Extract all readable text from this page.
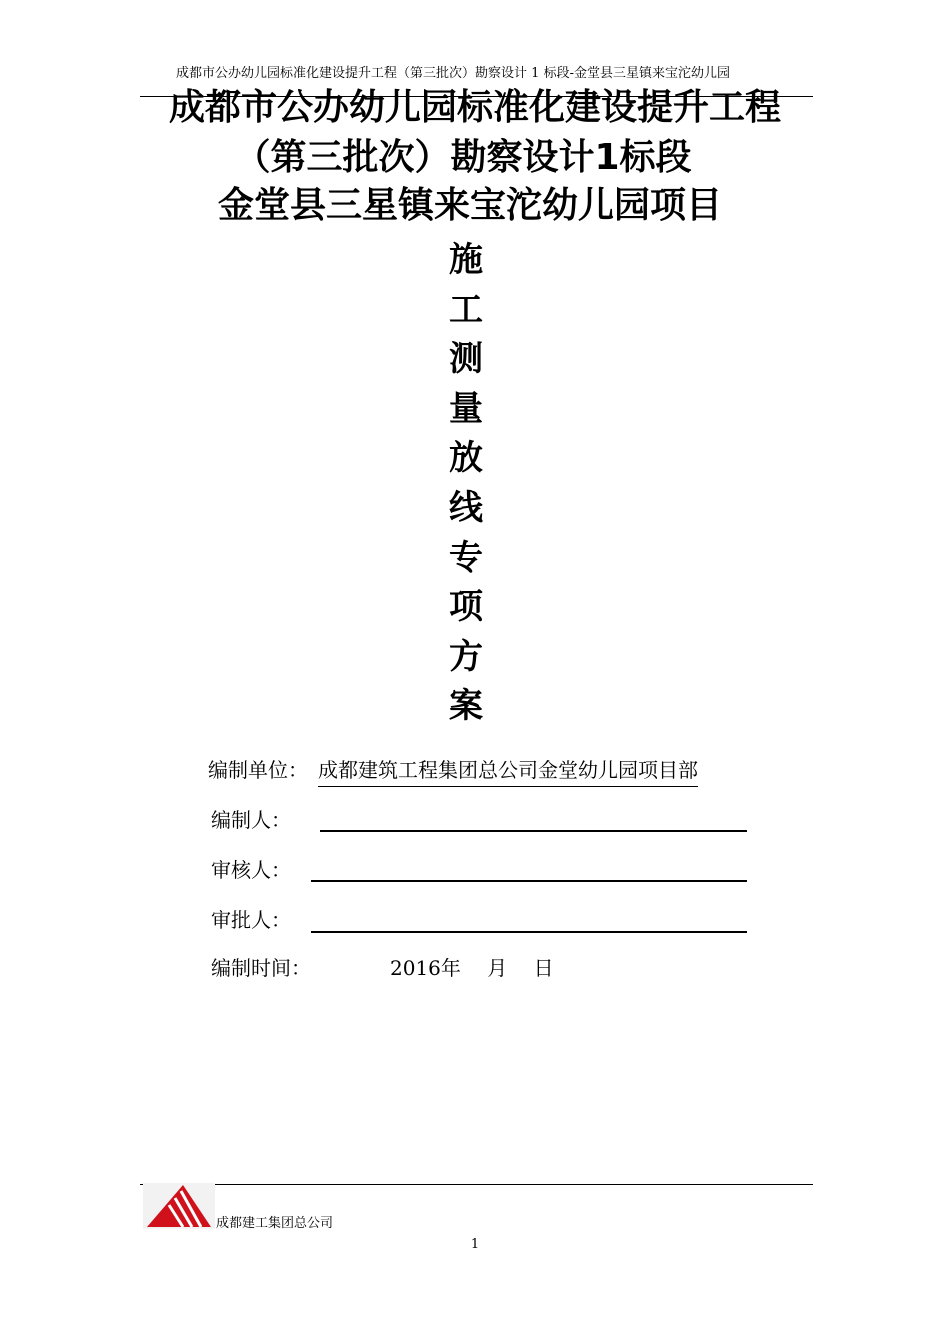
成都市公办幼儿园标准化建设提升工程（第三批次）勘察设计 1 标段-金堂县三星镇来宝沱幼儿园
成都市公办幼儿园标准化建设提升工程
（第三批次）勘察设计1标段
金堂县三星镇来宝沱幼儿园项目
施
工
测
量
放
线
专
项
方
案
编制单位： 成都建筑工程集团总公司金堂幼儿园项目部
编制人：
审核人：
审批人：
编制时间：	2016年　 月　 日
成都建工集团总公司
1
